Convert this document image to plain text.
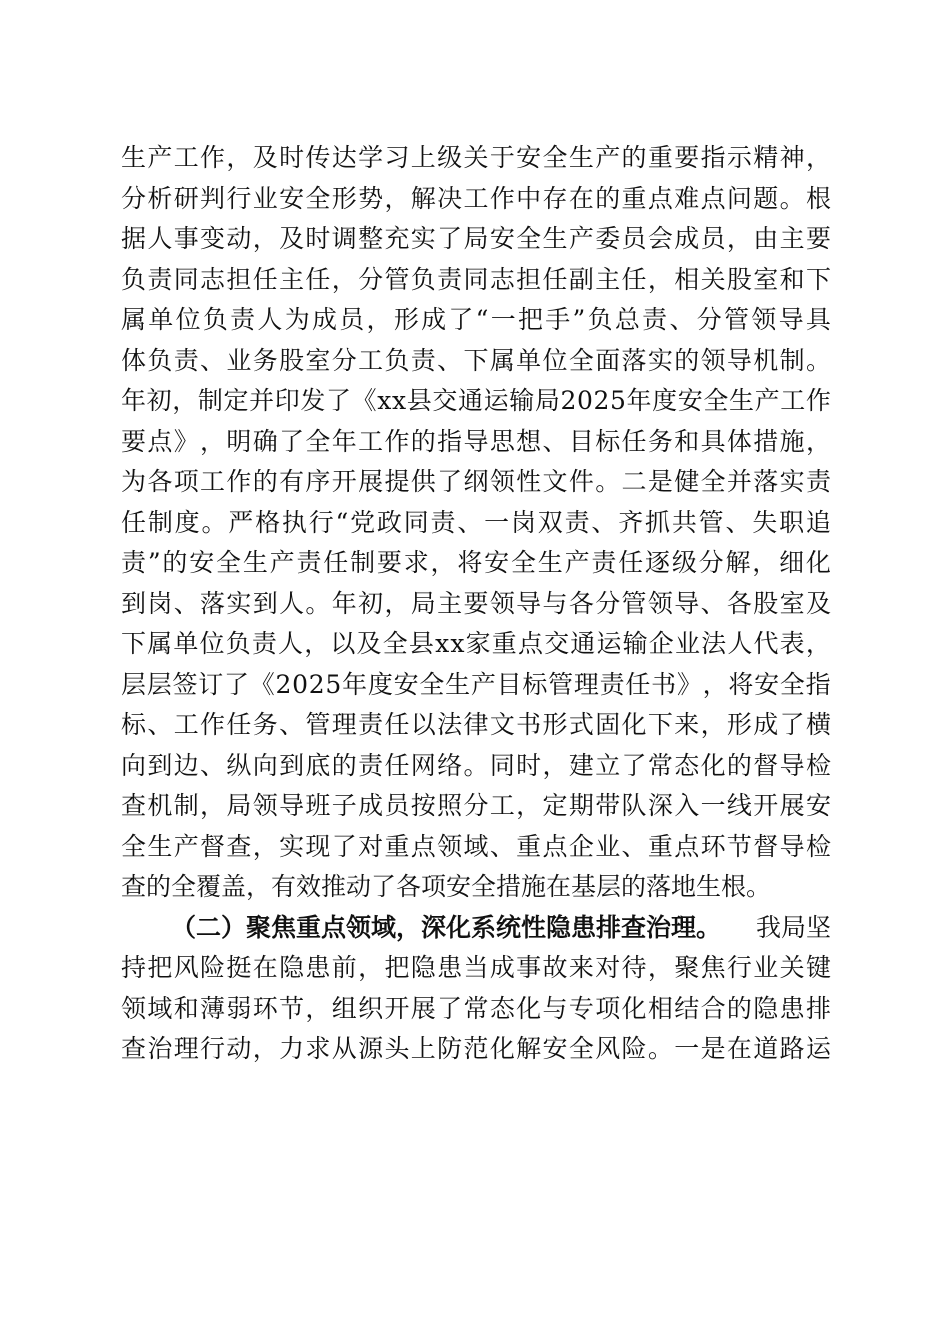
生 产 工 作 ， 及 时 传 达 学 习 上 级 关 于 安 全 生 产 的 重 要 指 示 精 神 ，
分 析 研 判 行 业 安 全 形 势 ， 解 决 工 作 中 存 在 的 重 点 难 点 问 题 。 根
据 人 事 变 动 ， 及 时 调 整 充 实 了 局 安 全 生 产 委 员 会 成 员 ， 由 主 要
负 责 同 志 担 任 主 任 ， 分 管 负 责 同 志 担 任 副 主 任 ， 相 关 股 室 和 下
属 单 位 负 责 人 为 成 员 ， 形 成 了 “ 一 把 手 ” 负 总 责 、 分 管 领 导 具
体 负 责 、 业 务 股 室 分 工 负 责 、 下 属 单 位 全 面 落 实 的 领 导 机 制 。
年 初 ， 制 定 并 印 发 了 《 x x 县 交 通 运 输 局 2 0 2 5 年 度 安 全 生 产 工 作
要 点 》 ， 明 确 了 全 年 工 作 的 指 导 思 想 、 目 标 任 务 和 具 体 措 施 ，
为 各 项 工 作 的 有 序 开 展 提 供 了 纲 领 性 文 件 。 二 是 健 全 并 落 实 责
任 制 度 。 严 格 执 行 “ 党 政 同 责 、 一 岗 双 责 、 齐 抓 共 管 、 失 职 追
责 ” 的 安 全 生 产 责 任 制 要 求 ， 将 安 全 生 产 责 任 逐 级 分 解 ， 细 化
到 岗 、 落 实 到 人 。 年 初 ， 局 主 要 领 导 与 各 分 管 领 导 、 各 股 室 及
下 属 单 位 负 责 人 ， 以 及 全 县 x x 家 重 点 交 通 运 输 企 业 法 人 代 表 ，
层 层 签 订 了 《 2 0 2 5 年 度 安 全 生 产 目 标 管 理 责 任 书 》 ， 将 安 全 指
标 、 工 作 任 务 、 管 理 责 任 以 法 律 文 书 形 式 固 化 下 来 ， 形 成 了 横
向 到 边 、 纵 向 到 底 的 责 任 网 络 。 同 时 ， 建 立 了 常 态 化 的 督 导 检
查 机 制 ， 局 领 导 班 子 成 员 按 照 分 工 ， 定 期 带 队 深 入 一 线 开 展 安
全 生 产 督 查 ， 实 现 了 对 重 点 领 域 、 重 点 企 业 、 重 点 环 节 督 导 检
查的全覆盖，有效推动了各项安全措施在基层的落地生根。
（二）聚焦重点领域，深化系统性隐患排查治理。 我局坚
持 把 风 险 挺 在 隐 患 前 ， 把 隐 患 当 成 事 故 来 对 待 ， 聚 焦 行 业 关 键
领 域 和 薄 弱 环 节 ， 组 织 开 展 了 常 态 化 与 专 项 化 相 结 合 的 隐 患 排
查 治 理 行 动 ， 力 求 从 源 头 上 防 范 化 解 安 全 风 险 。 一 是 在 道 路 运
